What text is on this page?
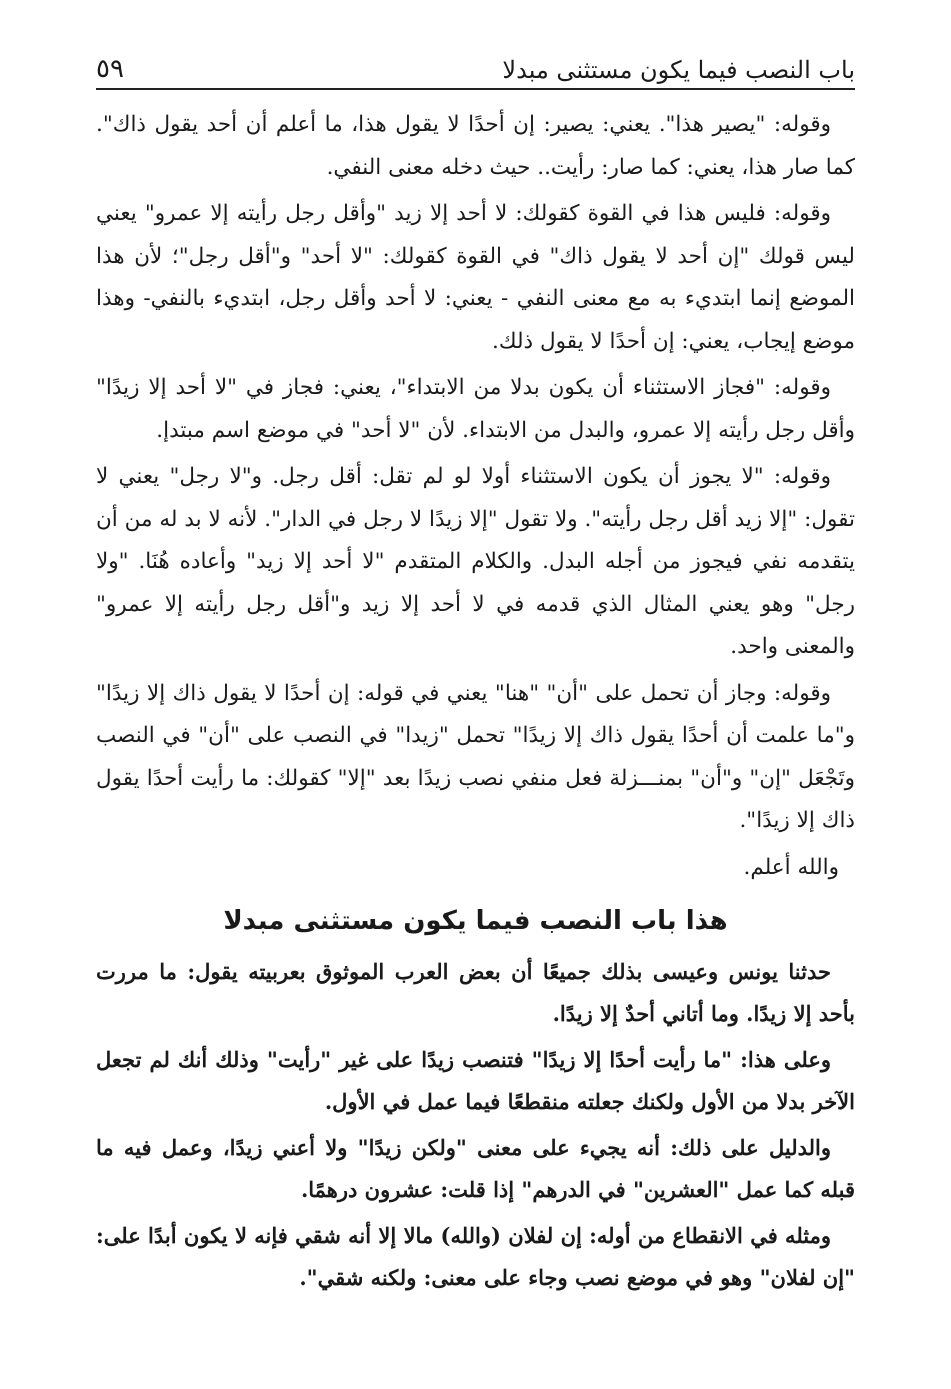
باب النصب فيما يكون مستثنى مبدلا
٥٩

وقوله: "يصير هذا". يعني: يصير: إن أحدًا لا يقول هذا، ما أعلم أن أحد يقول ذاك". كما صار هذا، يعني: كما صار: رأيت.. حيث دخله معنى النفي.

وقوله: فليس هذا في القوة كقولك: لا أحد إلا زيد "وأقل رجل رأيته إلا عمرو" يعني ليس قولك "إن أحد لا يقول ذاك" في القوة كقولك: "لا أحد" و"أقل رجل"؛ لأن هذا الموضع إنما ابتديء به مع معنى النفي - يعني: لا أحد وأقل رجل، ابتديء بالنفي- وهذا موضع إيجاب، يعني: إن أحدًا لا يقول ذلك.

وقوله: "فجاز الاستثناء أن يكون بدلا من الابتداء"، يعني: فجاز في "لا أحد إلا زيدًا" وأقل رجل رأيته إلا عمرو، والبدل من الابتداء. لأن "لا أحد" في موضع اسم مبتدإ.

وقوله: "لا يجوز أن يكون الاستثناء أولا لو لم تقل: أقل رجل. و"لا رجل" يعني لا تقول: "إلا زيد أقل رجل رأيته". ولا تقول "إلا زيدًا لا رجل في الدار". لأنه لا بد له من أن يتقدمه نفي فيجوز من أجله البدل. والكلام المتقدم "لا أحد إلا زيد" وأعاده هُنَا. "ولا رجل" وهو يعني المثال الذي قدمه في لا أحد إلا زيد و"أقل رجل رأيته إلا عمرو" والمعنى واحد.

وقوله: وجاز أن تحمل على "أن" "هنا" يعني في قوله: إن أحدًا لا يقول ذاك إلا زيدًا" و"ما علمت أن أحدًا يقول ذاك إلا زيدًا" تحمل "زيدا" في النصب على "أن" في النصب وتَجْعَل "إن" و"أن" بمنـــزلة فعل منفي نصب زيدًا بعد "إلا" كقولك: ما رأيت أحدًا يقول ذاك إلا زيدًا".

والله أعلم.

هذا باب النصب فيما يكون مستثنى مبدلا

حدثنا يونس وعيسى بذلك جميعًا أن بعض العرب الموثوق بعربيته يقول: ما مررت بأحد إلا زيدًا. وما أتاني أحدٌ إلا زيدًا.

وعلى هذا: "ما رأيت أحدًا إلا زيدًا" فتنصب زيدًا على غير "رأيت" وذلك أنك لم تجعل الآخر بدلا من الأول ولكنك جعلته منقطعًا فيما عمل في الأول.

والدليل على ذلك: أنه يجيء على معنى "ولكن زيدًا" ولا أعني زيدًا، وعمل فيه ما قبله كما عمل "العشرين" في الدرهم" إذا قلت: عشرون درهمًا.

ومثله في الانقطاع من أوله: إن لفلان (والله) مالا إلا أنه شقي فإنه لا يكون أبدًا على: "إن لفلان" وهو في موضع نصب وجاء على معنى: ولكنه شقي".
